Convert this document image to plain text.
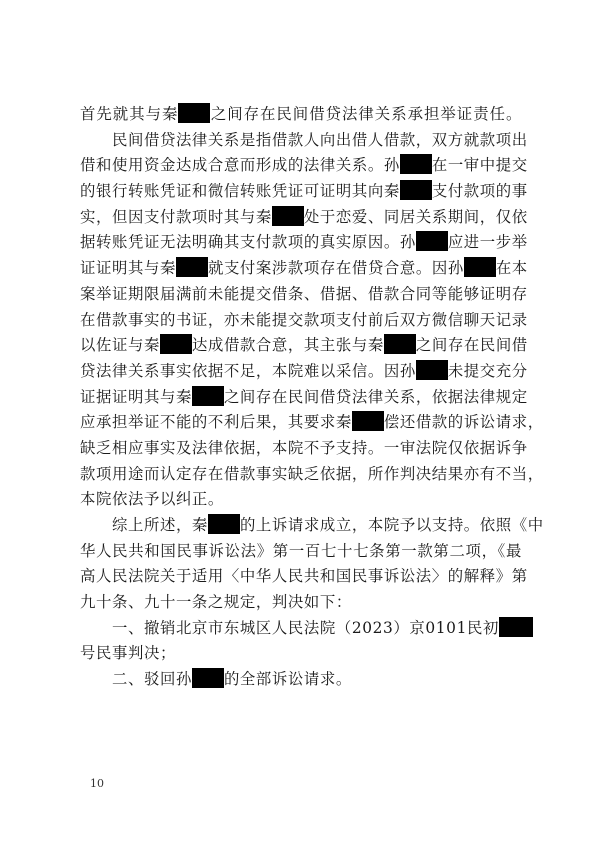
首先就其与秦 之间存在民间借贷法律关系承担举证责任。
　　民间借贷法律关系是指借款人向出借人借款，双方就款项出
借和使用资金达成合意而形成的法律关系。孙 在一审中提交
的银行转账凭证和微信转账凭证可证明其向秦 支付款项的事
实，但因支付款项时其与秦 处于恋爱、同居关系期间，仅依
据转账凭证无法明确其支付款项的真实原因。孙 应进一步举
证证明其与秦 就支付案涉款项存在借贷合意。因孙 在本
案举证期限届满前未能提交借条、借据、借款合同等能够证明存
在借款事实的书证，亦未能提交款项支付前后双方微信聊天记录
以佐证与秦 达成借款合意，其主张与秦 之间存在民间借
贷法律关系事实依据不足，本院难以采信。因孙 未提交充分
证据证明其与秦 之间存在民间借贷法律关系，依据法律规定
应承担举证不能的不利后果，其要求秦 偿还借款的诉讼请求，
缺乏相应事实及法律依据，本院不予支持。一审法院仅依据诉争
款项用途而认定存在借款事实缺乏依据，所作判决结果亦有不当，
本院依法予以纠正。
　　综上所述，秦 的上诉请求成立，本院予以支持。依照《中
华人民共和国民事诉讼法》第一百七十七条第一款第二项，《最
高人民法院关于适用〈中华人民共和国民事诉讼法〉的解释》第
九十条、九十一条之规定，判决如下：
　　一、撤销北京市东城区人民法院（2023）京0101民初
号民事判决；
　　二、驳回孙 的全部诉讼请求。
10
